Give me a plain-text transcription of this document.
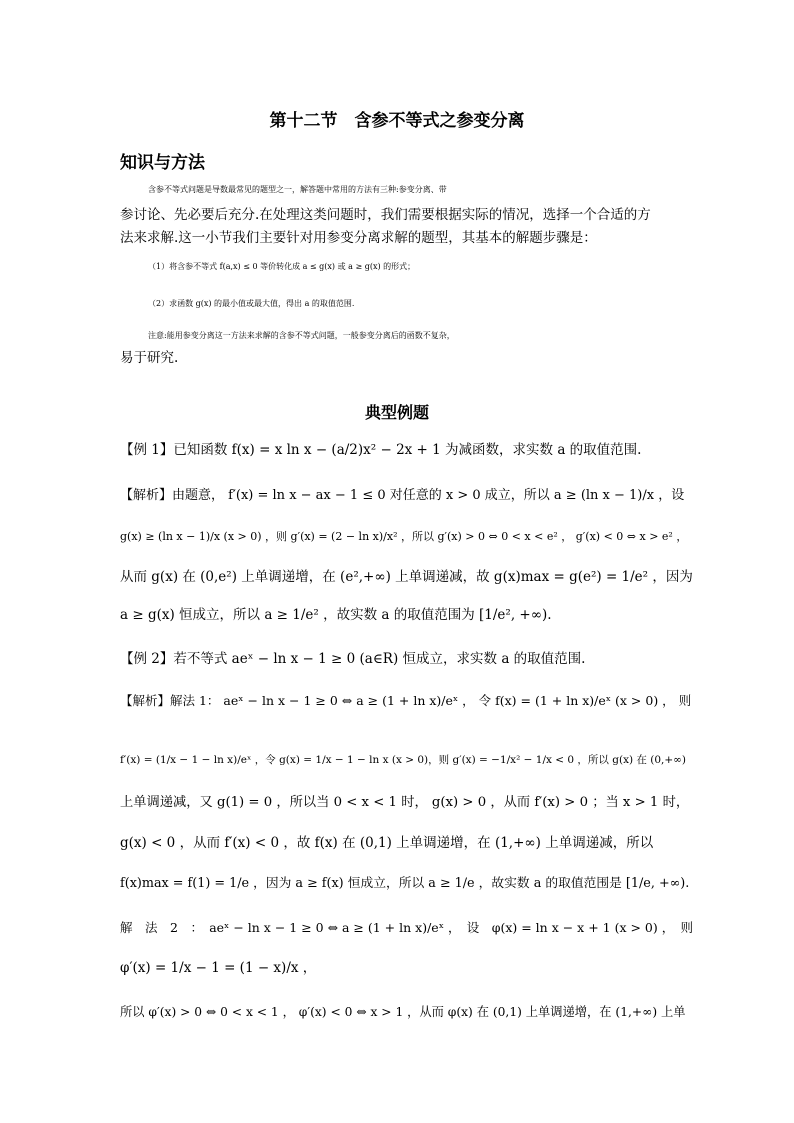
第十二节　含参不等式之参变分离
知识与方法
含参不等式问题是导数最常见的题型之一，解答题中常用的方法有三种:参变分离、带
参讨论、先必要后充分.在处理这类问题时，我们需要根据实际的情况，选择一个合适的方
法来求解.这一小节我们主要针对用参变分离求解的题型，其基本的解题步骤是：
（1）将含参不等式 f(a,x) ≤ 0 等价转化成 a ≤ g(x) 或 a ≥ g(x) 的形式；
（2）求函数 g(x) 的最小值或最大值，得出 a 的取值范围.
注意:能用参变分离这一方法来求解的含参不等式问题，一般参变分离后的函数不复杂，
易于研究.
典型例题
【例 1】已知函数 f(x) = x ln x − (a/2)x² − 2x + 1 为减函数，求实数 a 的取值范围.
【解析】由题意， f′(x) = ln x − ax − 1 ≤ 0 对任意的 x > 0 成立，所以 a ≥ (ln x − 1)/x ，设
g(x) ≥ (ln x − 1)/x (x > 0) ，则 g′(x) = (2 − ln x)/x² ，所以 g′(x) > 0 ⇔ 0 < x < e² ， g′(x) < 0 ⇔ x > e² ，
从而 g(x) 在 (0,e²) 上单调递增，在 (e²,+∞) 上单调递减，故 g(x)max = g(e²) = 1/e² ，因为
a ≥ g(x) 恒成立，所以 a ≥ 1/e² ，故实数 a 的取值范围为 [1/e², +∞).
【例 2】若不等式 aeˣ − ln x − 1 ≥ 0 (a∈R) 恒成立，求实数 a 的取值范围.
【解析】解法 1： aeˣ − ln x − 1 ≥ 0 ⇔ a ≥ (1 + ln x)/eˣ ， 令 f(x) = (1 + ln x)/eˣ (x > 0) ， 则
f′(x) = (1/x − 1 − ln x)/eˣ ，令 g(x) = 1/x − 1 − ln x (x > 0)，则 g′(x) = −1/x² − 1/x < 0 ，所以 g(x) 在 (0,+∞)
上单调递减，又 g(1) = 0 ，所以当 0 < x < 1 时， g(x) > 0 ，从而 f′(x) > 0 ；当 x > 1 时，
g(x) < 0 ，从而 f′(x) < 0 ，故 f(x) 在 (0,1) 上单调递增，在 (1,+∞) 上单调递减，所以
f(x)max = f(1) = 1/e ，因为 a ≥ f(x) 恒成立，所以 a ≥ 1/e ，故实数 a 的取值范围是 [1/e, +∞).
解　法　2　：　aeˣ − ln x − 1 ≥ 0 ⇔ a ≥ (1 + ln x)/eˣ ，　设　φ(x) = ln x − x + 1 (x > 0) ，　则
φ′(x) = 1/x − 1 = (1 − x)/x ，
所以 φ′(x) > 0 ⇔ 0 < x < 1 ， φ′(x) < 0 ⇔ x > 1 ，从而 φ(x) 在 (0,1) 上单调递增，在 (1,+∞) 上单
